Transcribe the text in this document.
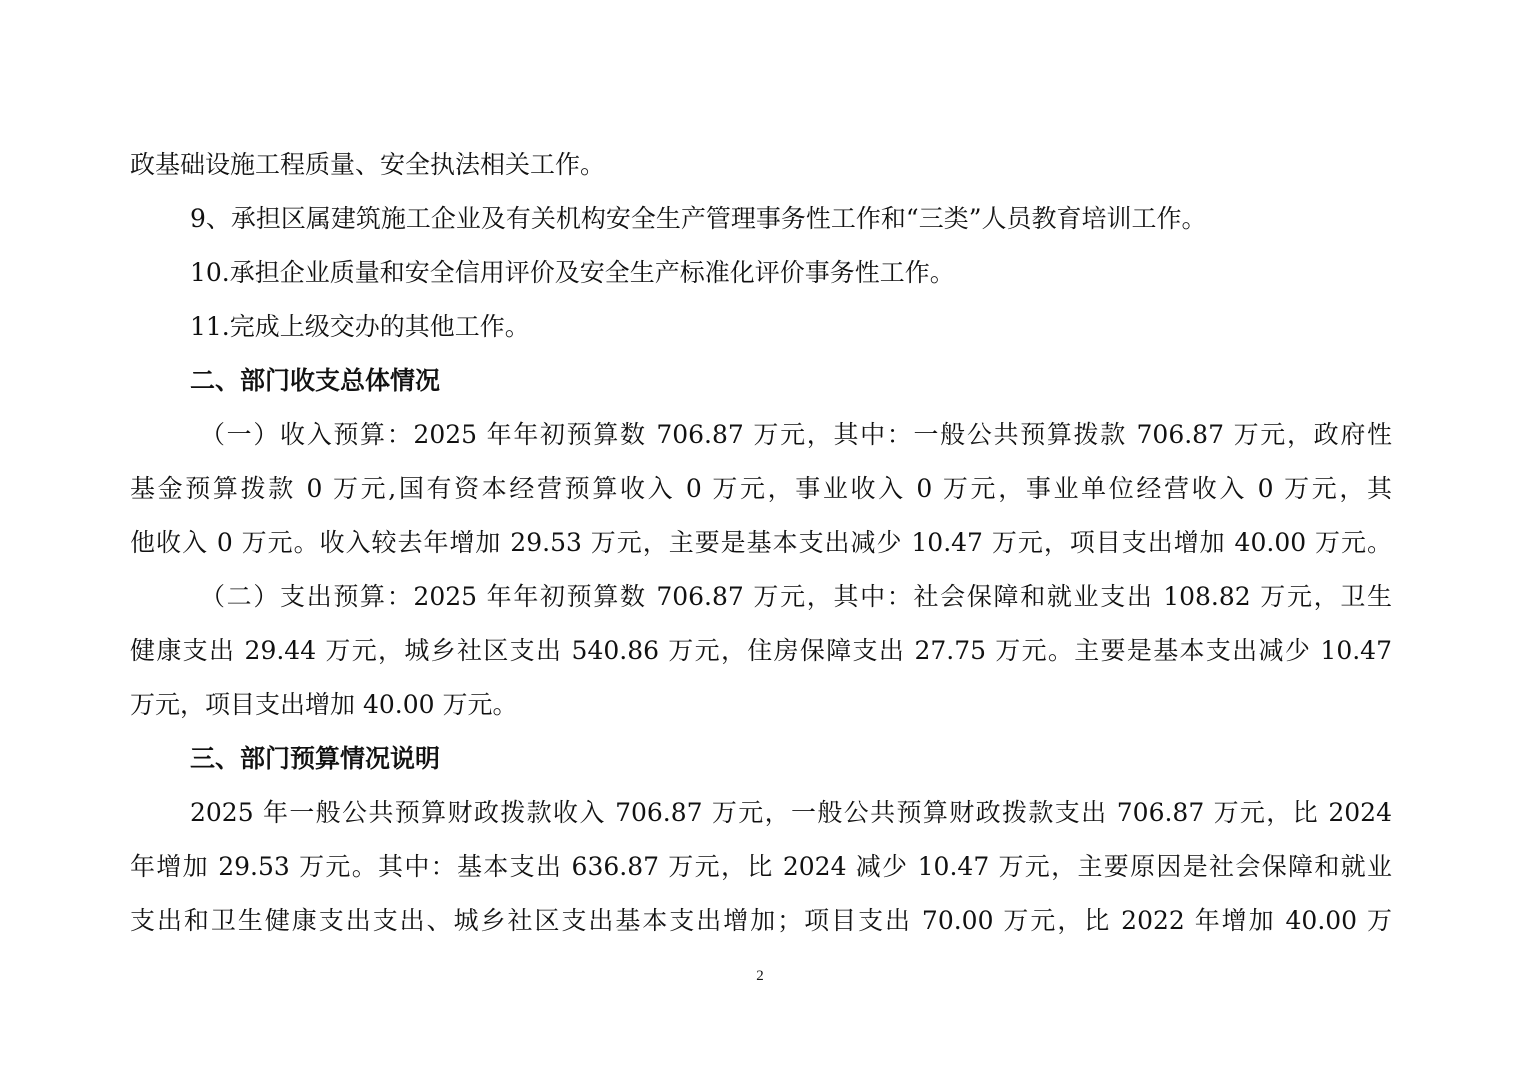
政基础设施工程质量、安全执法相关工作。
9、承担区属建筑施工企业及有关机构安全生产管理事务性工作和“三类”人员教育培训工作。
10.承担企业质量和安全信用评价及安全生产标准化评价事务性工作。
11.完成上级交办的其他工作。
二、部门收支总体情况
（一）收入预算：2025 年年初预算数 706.87 万元，其中：一般公共预算拨款 706.87 万元，政府性
基金预算拨款 0 万元,国有资本经营预算收入 0 万元，事业收入 0 万元，事业单位经营收入 0 万元，其
他收入 0 万元。收入较去年增加 29.53 万元，主要是基本支出减少 10.47 万元，项目支出增加 40.00 万元。
（二）支出预算：2025 年年初预算数 706.87 万元，其中：社会保障和就业支出 108.82 万元，卫生
健康支出 29.44 万元，城乡社区支出 540.86 万元，住房保障支出 27.75 万元。主要是基本支出减少 10.47
万元，项目支出增加 40.00 万元。
三、部门预算情况说明
2025 年一般公共预算财政拨款收入 706.87 万元，一般公共预算财政拨款支出 706.87 万元，比 2024
年增加 29.53 万元。其中：基本支出 636.87 万元，比 2024 减少 10.47 万元，主要原因是社会保障和就业
支出和卫生健康支出支出、城乡社区支出基本支出增加；项目支出 70.00 万元，比 2022 年增加 40.00 万
2
